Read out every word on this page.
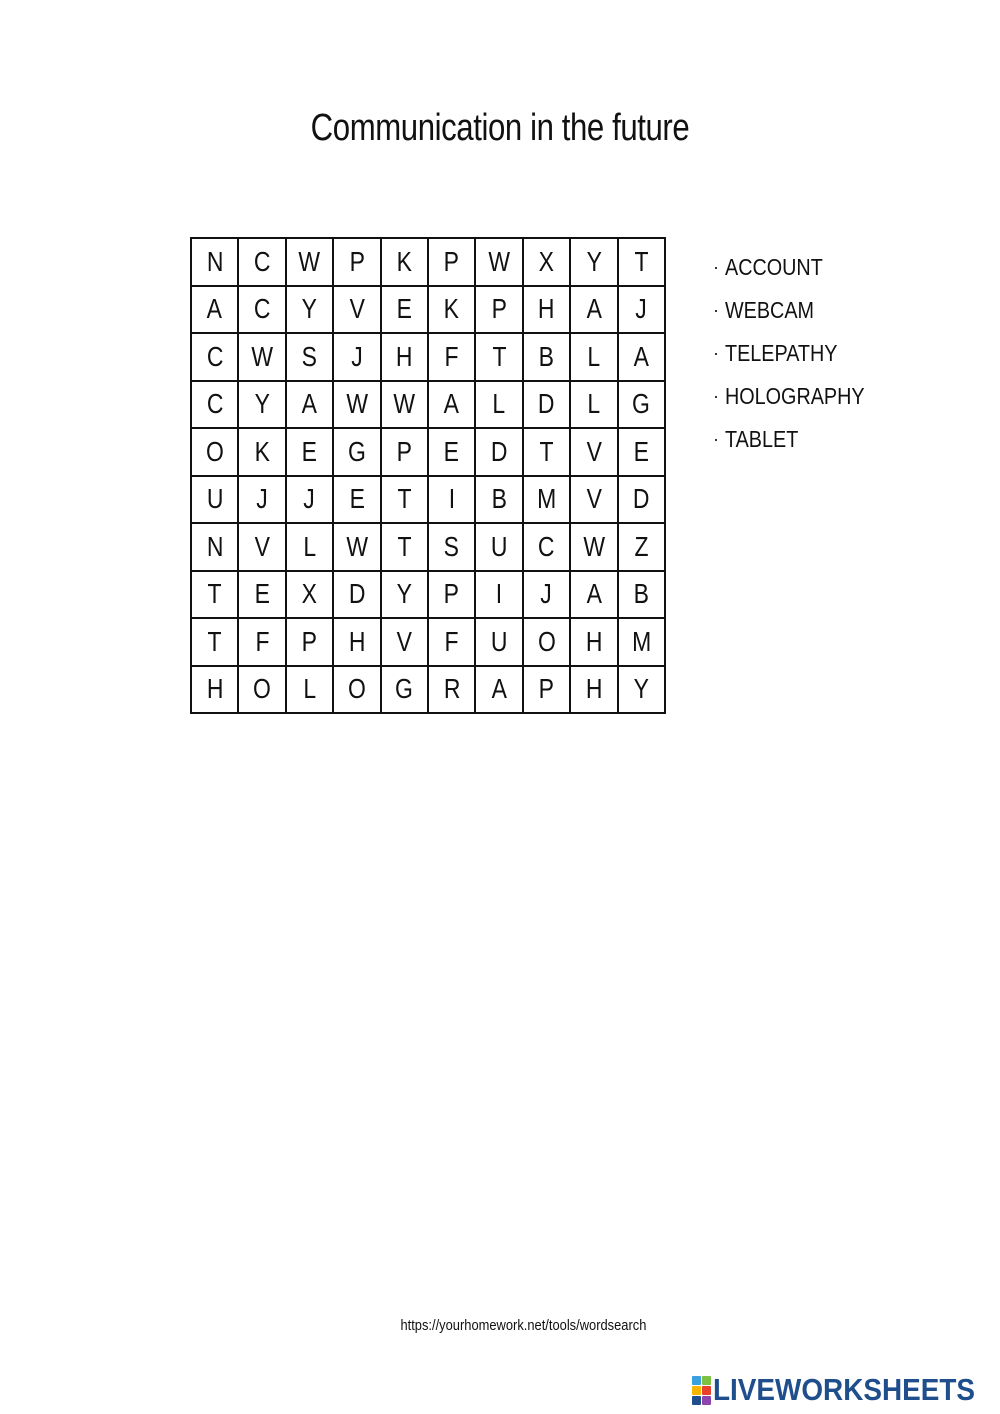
Communication in the future
N C W P K P W X Y T
A C Y V E K P H A J
C W S J H F T B L A
C Y A W W A L D L G
O K E G P E D T V E
U J J E T I B M V D
N V L W T S U C W Z
T E X D Y P I J A B
T F P H V F U O H M
H O L O G R A P H Y
· ACCOUNT
· WEBCAM
· TELEPATHY
· HOLOGRAPHY
· TABLET
https://yourhomework.net/tools/wordsearch
LIVEWORKSHEETS
